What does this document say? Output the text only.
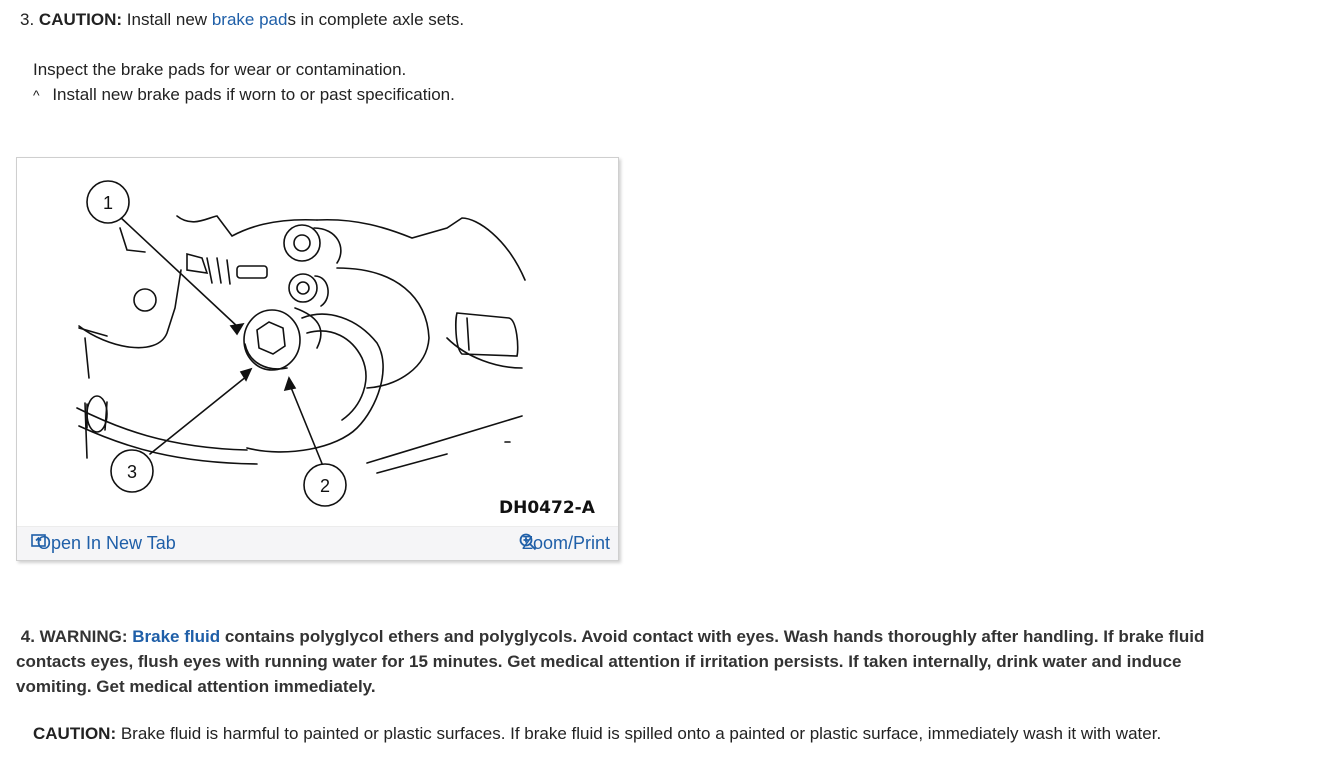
3. CAUTION: Install new brake pads in complete axle sets.
Inspect the brake pads for wear or contamination.
^ Install new brake pads if worn to or past specification.
1
3
2
DH0472-A
Open In New Tab	Zoom/Print
4. WARNING: Brake fluid contains polyglycol ethers and polyglycols. Avoid contact with eyes. Wash hands thoroughly after handling. If brake fluid contacts eyes, flush eyes with running water for 15 minutes. Get medical attention if irritation persists. If taken internally, drink water and induce vomiting. Get medical attention immediately.
CAUTION: Brake fluid is harmful to painted or plastic surfaces. If brake fluid is spilled onto a painted or plastic surface, immediately wash it with water.
